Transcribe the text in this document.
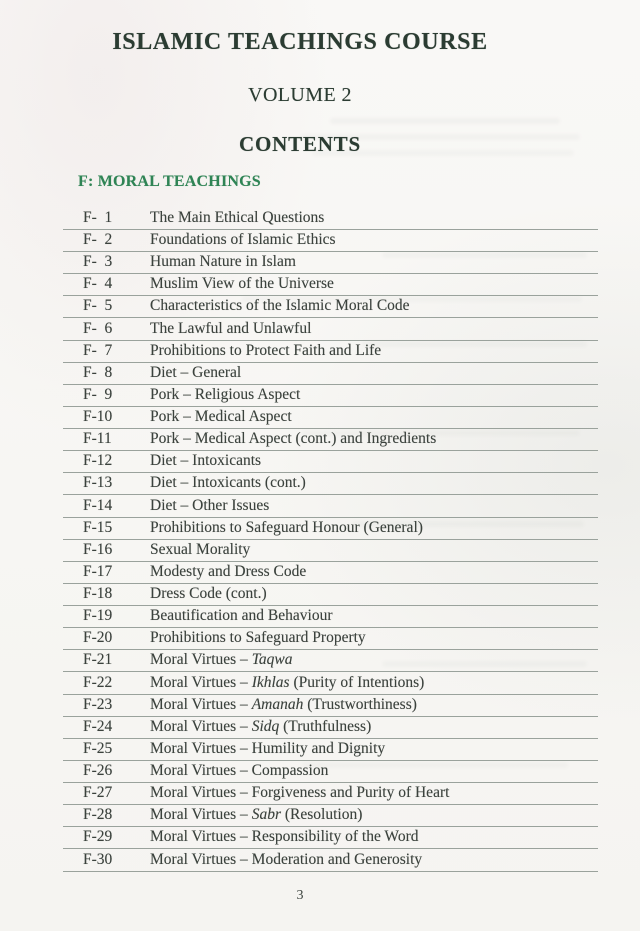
ISLAMIC TEACHINGS COURSE
VOLUME 2
CONTENTS
F: MORAL TEACHINGS
F-  1	The Main Ethical Questions
F-  2	Foundations of Islamic Ethics
F-  3	Human Nature in Islam
F-  4	Muslim View of the Universe
F-  5	Characteristics of the Islamic Moral Code
F-  6	The Lawful and Unlawful
F-  7	Prohibitions to Protect Faith and Life
F-  8	Diet – General
F-  9	Pork – Religious Aspect
F-10	Pork – Medical Aspect
F-11	Pork – Medical Aspect (cont.) and Ingredients
F-12	Diet – Intoxicants
F-13	Diet – Intoxicants (cont.)
F-14	Diet – Other Issues
F-15	Prohibitions to Safeguard Honour (General)
F-16	Sexual Morality
F-17	Modesty and Dress Code
F-18	Dress Code (cont.)
F-19	Beautification and Behaviour
F-20	Prohibitions to Safeguard Property
F-21	Moral Virtues – Taqwa
F-22	Moral Virtues – Ikhlas (Purity of Intentions)
F-23	Moral Virtues – Amanah (Trustworthiness)
F-24	Moral Virtues – Sidq (Truthfulness)
F-25	Moral Virtues – Humility and Dignity
F-26	Moral Virtues – Compassion
F-27	Moral Virtues – Forgiveness and Purity of Heart
F-28	Moral Virtues – Sabr (Resolution)
F-29	Moral Virtues – Responsibility of the Word
F-30	Moral Virtues – Moderation and Generosity
3
